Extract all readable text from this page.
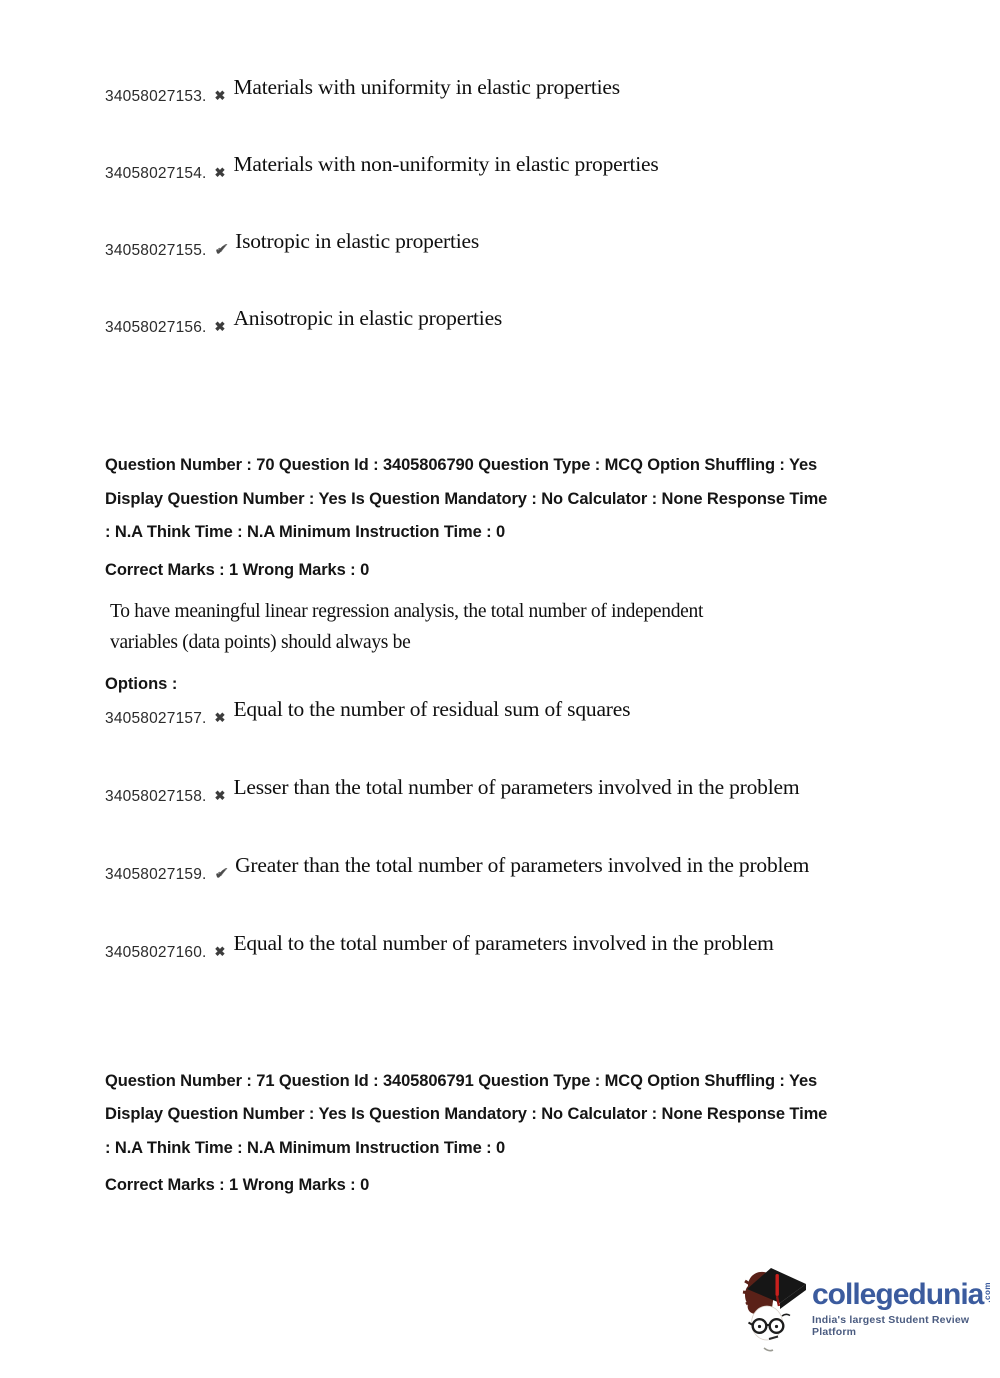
34058027153. ✖ Materials with uniformity in elastic properties
34058027154. ✖ Materials with non-uniformity in elastic properties
34058027155. ✔ Isotropic in elastic properties
34058027156. ✖ Anisotropic in elastic properties
Question Number : 70 Question Id : 3405806790 Question Type : MCQ Option Shuffling : Yes
Display Question Number : Yes Is Question Mandatory : No Calculator : None Response Time
: N.A Think Time : N.A Minimum Instruction Time : 0
Correct Marks : 1 Wrong Marks : 0
To have meaningful linear regression analysis, the total number of independent
variables (data points) should always be
Options :
34058027157. ✖ Equal to the number of residual sum of squares
34058027158. ✖ Lesser than the total number of parameters involved in the problem
34058027159. ✔ Greater than the total number of parameters involved in the problem
34058027160. ✖ Equal to the total number of parameters involved in the problem
Question Number : 71 Question Id : 3405806791 Question Type : MCQ Option Shuffling : Yes
Display Question Number : Yes Is Question Mandatory : No Calculator : None Response Time
: N.A Think Time : N.A Minimum Instruction Time : 0
Correct Marks : 1 Wrong Marks : 0
collegedunia .com
India's largest Student Review Platform
